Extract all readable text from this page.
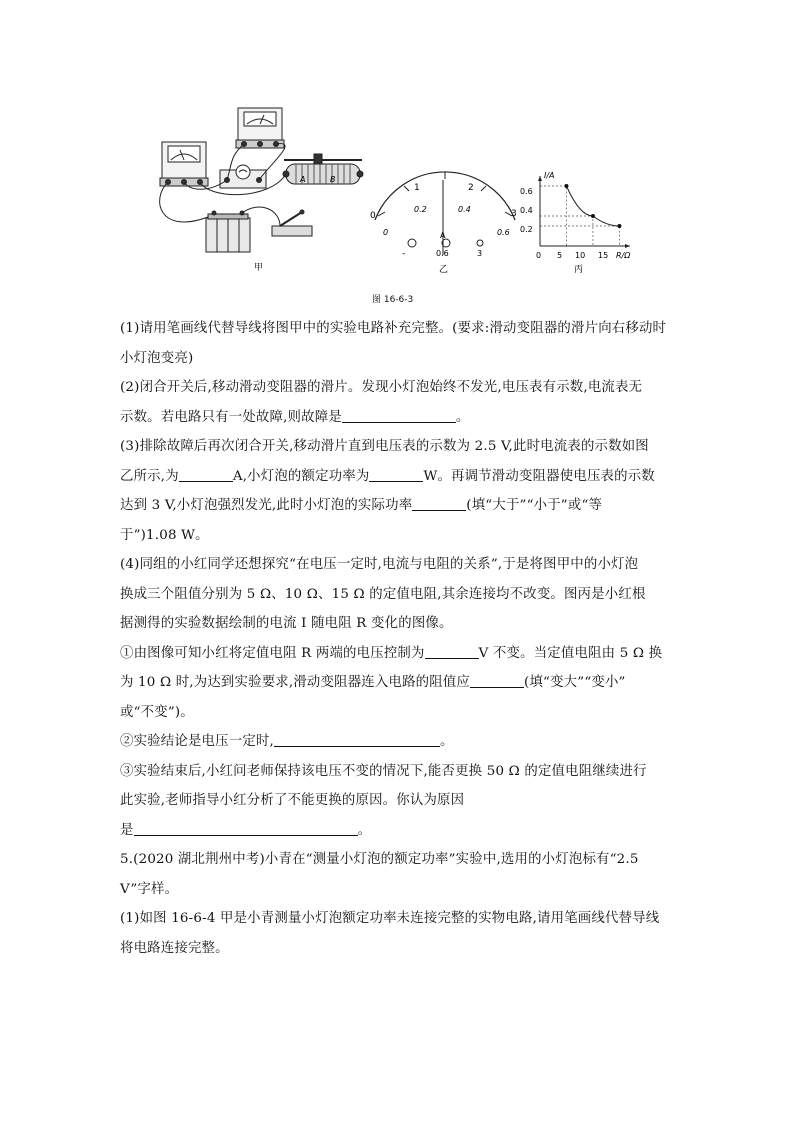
A	B
甲
0
1	2
3
0
0.2	0.4
0.6
A
-	0.6	3
乙
I/A
R/Ω
0.2
0.4
0.6
0 5 10 15
丙
图 16-6-3
(1)请用笔画线代替导线将图甲中的实验电路补充完整。(要求:滑动变阻器的滑片向右移动时
小灯泡变亮)
(2)闭合开关后,移动滑动变阻器的滑片。发现小灯泡始终不发光,电压表有示数,电流表无
示数。若电路只有一处故障,则故障是	。
(3)排除故障后再次闭合开关,移动滑片直到电压表的示数为 2.5 V,此时电流表的示数如图
乙所示,为	A,小灯泡的额定功率为	W。再调节滑动变阻器使电压表的示数
达到 3 V,小灯泡强烈发光,此时小灯泡的实际功率	(填“大于”“小于”或“等
于”)1.08 W。
(4)同组的小红同学还想探究“在电压一定时,电流与电阻的关系”,于是将图甲中的小灯泡
换成三个阻值分别为 5 Ω、10 Ω、15 Ω 的定值电阻,其余连接均不改变。图丙是小红根
据测得的实验数据绘制的电流 I 随电阻 R 变化的图像。
①由图像可知小红将定值电阻 R 两端的电压控制为	V 不变。当定值电阻由 5 Ω 换
为 10 Ω 时,为达到实验要求,滑动变阻器连入电路的阻值应	(填“变大”“变小”
或“不变”)。
②实验结论是电压一定时,	。
③实验结束后,小红问老师保持该电压不变的情况下,能否更换 50 Ω 的定值电阻继续进行
此实验,老师指导小红分析了不能更换的原因。你认为原因
是	。
5.(2020 湖北荆州中考)小青在“测量小灯泡的额定功率”实验中,选用的小灯泡标有“2.5
V”字样。
(1)如图 16-6-4 甲是小青测量小灯泡额定功率未连接完整的实物电路,请用笔画线代替导线
将电路连接完整。
